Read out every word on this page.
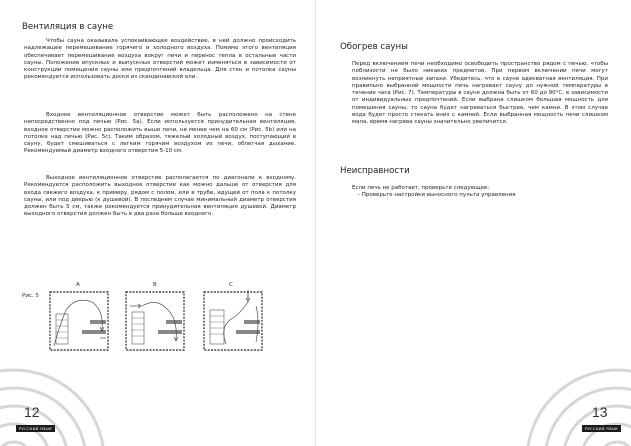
Вентиляция в сауне

Чтобы сауна оказывала успокаивающее воздействие, в ней должно происходить надлежащее перемешивание горячего и холодного воздуха. Помимо этого вентиляция обеспечивает перемешивание воздуха вокруг печи и перенос тепла в остальные части сауны. Положение впускных и выпускных отверстий может изменяться в зависимости от конструкции помещения сауны или предпочтений владельца. Для стен и потолка сауны рекомендуется использовать доски из скандинавской ели.

Входное вентиляционное отверстие может быть расположено на стене непосредственно под печью (Рис. 5a). Если используется принудительная вентиляция, входное отверстие можно расположить выше печи, не менее чем на 60 см (Рис. 5b) или на потолке над печью (Рис. 5c). Таким образом, тяжелый холодный воздух, поступающий в сауну, будет смешиваться с легким горячим воздухом из печи, облегчая дыхание. Рекомендуемый диаметр входного отверстия 5-10 см.

Выходное вентиляционное отверстие располагается по диагонали к входному. Рекомендуется расположить выходное отверстие как можно дальше от отверстия для входа свежего воздуха, к примеру, рядом с полом, или в трубе, идущей от пола к потолку сауны, или под дверью (к душевой). В последнем случае минимальный диаметр отверстия должен быть 5 см, также рекомендуется принудительная вентиляция душевой. Диаметр выходного отверстия должен быть в два раза больше входного.

Рис. 5
A	B	C
12
РУССКИЙ ЯЗЫК
Обогрев сауны

Перед включением печи необходимо освободить пространство рядом с печью, чтобы поблизости не было никаких предметов. При первом включении печи могут возникнуть неприятные запахи. Убедитесь, что в сауне адекватная вентиляция. При правильно выбранной мощности печь нагревает сауну до нужной температуры в течение часа (Рис. 7). Температуры в сауне должна быть от 60 до 90°С, в зависимости от индивидуальных предпочтений. Если выбрана слишком большая мощность для помещения сауны, то сауна будет нагреваться быстрее, чем камни. В этом случае вода будет просто стекать вниз с камней. Если выбранная мощность печи слишком мала, время нагрева сауны значительно увеличится.

Неисправности
Если печь не работает, проверьте следующее:
- Проверьте настройки выносного пульта управления
13
РУССКИЙ ЯЗЫК
